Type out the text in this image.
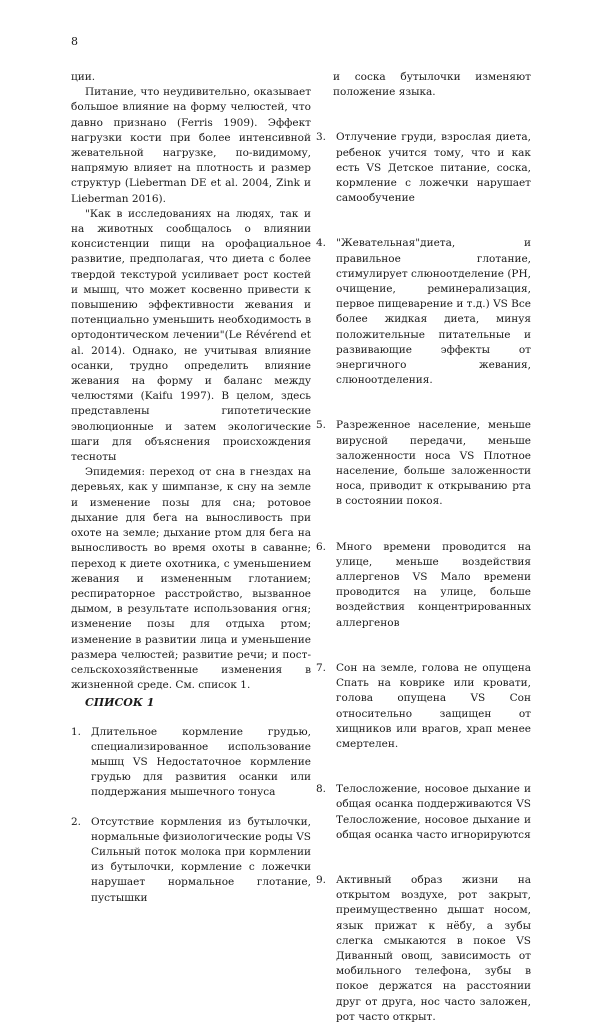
8

ции.

Питание, что неудивительно, оказывает большое влияние на форму челюстей, что давно признано (Ferris 1909). Эффект нагрузки кости при более интенсивной жевательной нагрузке, по-видимому, напрямую влияет на плотность и размер структур (Lieberman DE et al. 2004, Zink и Lieberman 2016).

"Как в исследованиях на людях, так и на животных сообщалось о влиянии консистенции пищи на орофациальное развитие, предполагая, что диета с более твердой текстурой усиливает рост костей и мышц, что может косвенно привести к повышению эффективности жевания и потенциально уменьшить необходимость в ортодонтическом лечении"(Le Révérend et al. 2014). Однако, не учитывая влияние осанки, трудно определить влияние жевания на форму и баланс между челюстями (Kaifu 1997). В целом, здесь представлены гипотетические эволюционные и затем экологические шаги для объяснения происхождения тесноты

Эпидемия: переход от сна в гнездах на деревьях, как у шимпанзе, к сну на земле и изменение позы для сна; ротовое дыхание для бега на выносливость при охоте на земле; дыхание ртом для бега на выносливость во время охоты в саванне; переход к диете охотника, с уменьшением жевания и измененным глотанием; респираторное расстройство, вызванное дымом, в результате использования огня; изменение позы для отдыха ртом; изменение в развитии лица и уменьшение размера челюстей; развитие речи; и пост-сельскохозяйственные изменения в жизненной среде. См. список 1.

СПИСОК 1

1. Длительное кормление грудью, специализированное использование мышц VS Недостаточное кормление грудью для развития осанки или поддержания мышечного тонуса
2. Отсутствие кормления из бутылочки, нормальные физиологические роды VS Сильный поток молока при кормлении из бутылочки, кормление с ложечки нарушает нормальное глотание, пустышки

и соска бутылочки изменяют положение языка.

3. Отлучение груди, взрослая диета, ребенок учится тому, что и как есть VS Детское питание, соска, кормление с ложечки нарушает самообучение
4. "Жевательная"диета, и правильное глотание, стимулирует слюноотделение (PH, очищение, реминерализация, первое пищеварение и т.д.) VS Все более жидкая диета, минуя положительные питательные и развивающие эффекты от энергичного жевания, слюноотделения.
5. Разреженное население, меньше вирусной передачи, меньше заложенности носа VS Плотное население, больше заложенности носа, приводит к открыванию рта в состоянии покоя.
6. Много времени проводится на улице, меньше воздействия аллергенов VS Мало времени проводится на улице, больше воздействия концентрированных аллергенов
7. Сон на земле, голова не опущена Спать на коврике или кровати, голова опущена VS Сон относительно защищен от хищников или врагов, храп менее смертелен.
8. Телосложение, носовое дыхание и общая осанка поддерживаются VS Телосложение, носовое дыхание и общая осанка часто игнорируются
9. Активный образ жизни на открытом воздухе, рот закрыт, преимущественно дышат носом, язык прижат к нёбу, а зубы слегка смыкаются в покое VS Диванный овощ, зависимость от мобильного телефона, зубы в покое держатся на расстоянии друг от друга, нос часто заложен, рот часто открыт.
